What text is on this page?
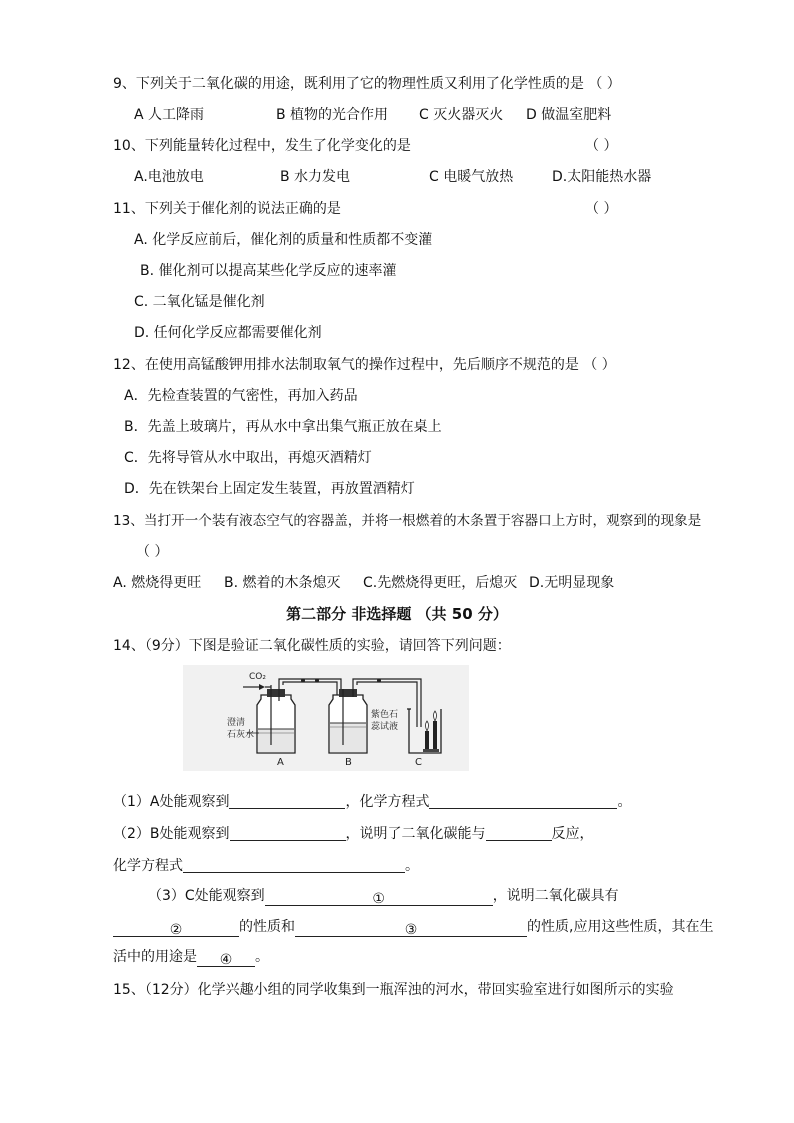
9、下列关于二氧化碳的用途，既利用了它的物理性质又利用了化学性质的是 （ ）
A 人工降雨	B 植物的光合作用 C 灭火器灭火 D 做温室肥料
10、下列能量转化过程中，发生了化学变化的是	（ ）
A.电池放电	B 水力发电	C 电暖气放热	D.太阳能热水器
11、下列关于催化剂的说法正确的是	（ ）
A. 化学反应前后，催化剂的质量和性质都不变灌
B. 催化剂可以提高某些化学反应的速率灌
C. 二氧化锰是催化剂
D. 任何化学反应都需要催化剂
12、在使用高锰酸钾用排水法制取氧气的操作过程中，先后顺序不规范的是 （ ）
A．先检查装置的气密性，再加入药品
B．先盖上玻璃片，再从水中拿出集气瓶正放在桌上
C．先将导管从水中取出，再熄灭酒精灯
D．先在铁架台上固定发生装置，再放置酒精灯
13、当打开一个装有液态空气的容器盖，并将一根燃着的木条置于容器口上方时，观察到的现象是
（ ）
A. 燃烧得更旺 B. 燃着的木条熄灭 C.先燃烧得更旺，后熄灭 D.无明显现象
第二部分 非选择题 （共 50 分）
14、（9分）下图是验证二氧化碳性质的实验，请回答下列问题：
CO₂
澄清
石灰水
紫色石
蕊试液
A	B	C
（1）A处能观察到	，化学方程式	。
（2）B处能观察到	，说明了二氧化碳能与	反应，
化学方程式	。
（3）C处能观察到	①	，说明二氧化碳具有
②	的性质和	③	的性质,应用这些性质，其在生
活中的用途是 ④ 。
15、（12分）化学兴趣小组的同学收集到一瓶浑浊的河水，带回实验室进行如图所示的实验
